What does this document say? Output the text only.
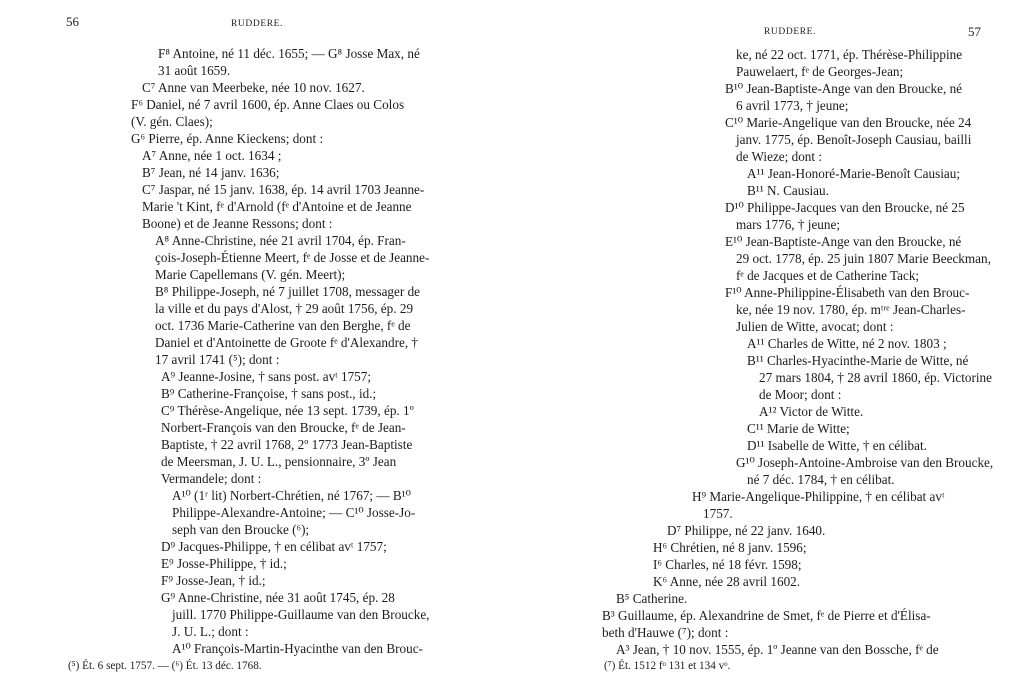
56	RUDDERE.
F⁸ Antoine, né 11 déc. 1655; — G⁸ Josse Max, né
31 août 1659.
C⁷ Anne van Meerbeke, née 10 nov. 1627.
F⁶ Daniel, né 7 avril 1600, ép. Anne Claes ou Colos
(V. gén. Claes);
G⁶ Pierre, ép. Anne Kieckens; dont :
A⁷ Anne, née 1 oct. 1634 ;
B⁷ Jean, né 14 janv. 1636;
C⁷ Jaspar, né 15 janv. 1638, ép. 14 avril 1703 Jeanne-
Marie 't Kint, fᵉ d'Arnold (fᵉ d'Antoine et de Jeanne
Boone) et de Jeanne Ressons; dont :
A⁸ Anne-Christine, née 21 avril 1704, ép. Fran-
çois-Joseph-Étienne Meert, fᵉ de Josse et de Jeanne-
Marie Capellemans (V. gén. Meert);
B⁸ Philippe-Joseph, né 7 juillet 1708, messager de
la ville et du pays d'Alost, † 29 août 1756, ép. 29
oct. 1736 Marie-Catherine van den Berghe, fᵉ de
Daniel et d'Antoinette de Groote fᵉ d'Alexandre, †
17 avril 1741 (⁵); dont :
A⁹ Jeanne-Josine, † sans post. avᵗ 1757;
B⁹ Catherine-Françoise, † sans post., id.;
C⁹ Thérèse-Angelique, née 13 sept. 1739, ép. 1º
Norbert-François van den Broucke, fᵉ de Jean-
Baptiste, † 22 avril 1768, 2º 1773 Jean-Baptiste
de Meersman, J. U. L., pensionnaire, 3º Jean
Vermandele; dont :
A¹⁰ (1ʳ lit) Norbert-Chrétien, né 1767; — B¹⁰
Philippe-Alexandre-Antoine; — C¹⁰ Josse-Jo-
seph van den Broucke (⁶);
D⁹ Jacques-Philippe, † en célibat avᵗ 1757;
E⁹ Josse-Philippe, † id.;
F⁹ Josse-Jean, † id.;
G⁹ Anne-Christine, née 31 août 1745, ép. 28
juill. 1770 Philippe-Guillaume van den Broucke,
J. U. L.; dont :
A¹⁰ François-Martin-Hyacinthe van den Brouc-
(⁵) Ét. 6 sept. 1757. — (⁶) Ét. 13 déc. 1768.
57
RUDDERE.
ke, né 22 oct. 1771, ép. Thérèse-Philippine
Pauwelaert, fᵉ de Georges-Jean;
B¹⁰ Jean-Baptiste-Ange van den Broucke, né
6 avril 1773, † jeune;
C¹⁰ Marie-Angelique van den Broucke, née 24
janv. 1775, ép. Benoît-Joseph Causiau, bailli
de Wieze; dont :
A¹¹ Jean-Honoré-Marie-Benoît Causiau;
B¹¹ N. Causiau.
D¹⁰ Philippe-Jacques van den Broucke, né 25
mars 1776, † jeune;
E¹⁰ Jean-Baptiste-Ange van den Broucke, né
29 oct. 1778, ép. 25 juin 1807 Marie Beeckman,
fᵉ de Jacques et de Catherine Tack;
F¹⁰ Anne-Philippine-Élisabeth van den Brouc-
ke, née 19 nov. 1780, ép. mᵗʳᵉ Jean-Charles-
Julien de Witte, avocat; dont :
A¹¹ Charles de Witte, né 2 nov. 1803 ;
B¹¹ Charles-Hyacinthe-Marie de Witte, né
27 mars 1804, † 28 avril 1860, ép. Victorine
de Moor; dont :
A¹² Victor de Witte.
C¹¹ Marie de Witte;
D¹¹ Isabelle de Witte, † en célibat.
G¹⁰ Joseph-Antoine-Ambroise van den Broucke,
né 7 déc. 1784, † en célibat.
H⁹ Marie-Angelique-Philippine, † en célibat avᵗ
1757.
D⁷ Philippe, né 22 janv. 1640.
H⁶ Chrétien, né 8 janv. 1596;
I⁶ Charles, né 18 févr. 1598;
K⁶ Anne, née 28 avril 1602.
B⁵ Catherine.
B³ Guillaume, ép. Alexandrine de Smet, fᵉ de Pierre et d'Élisa-
beth d'Hauwe (⁷); dont :
A³ Jean, † 10 nov. 1555, ép. 1º Jeanne van den Bossche, fᵉ de
(⁷) Ét. 1512 fᵒ 131 et 134 vᵒ.
